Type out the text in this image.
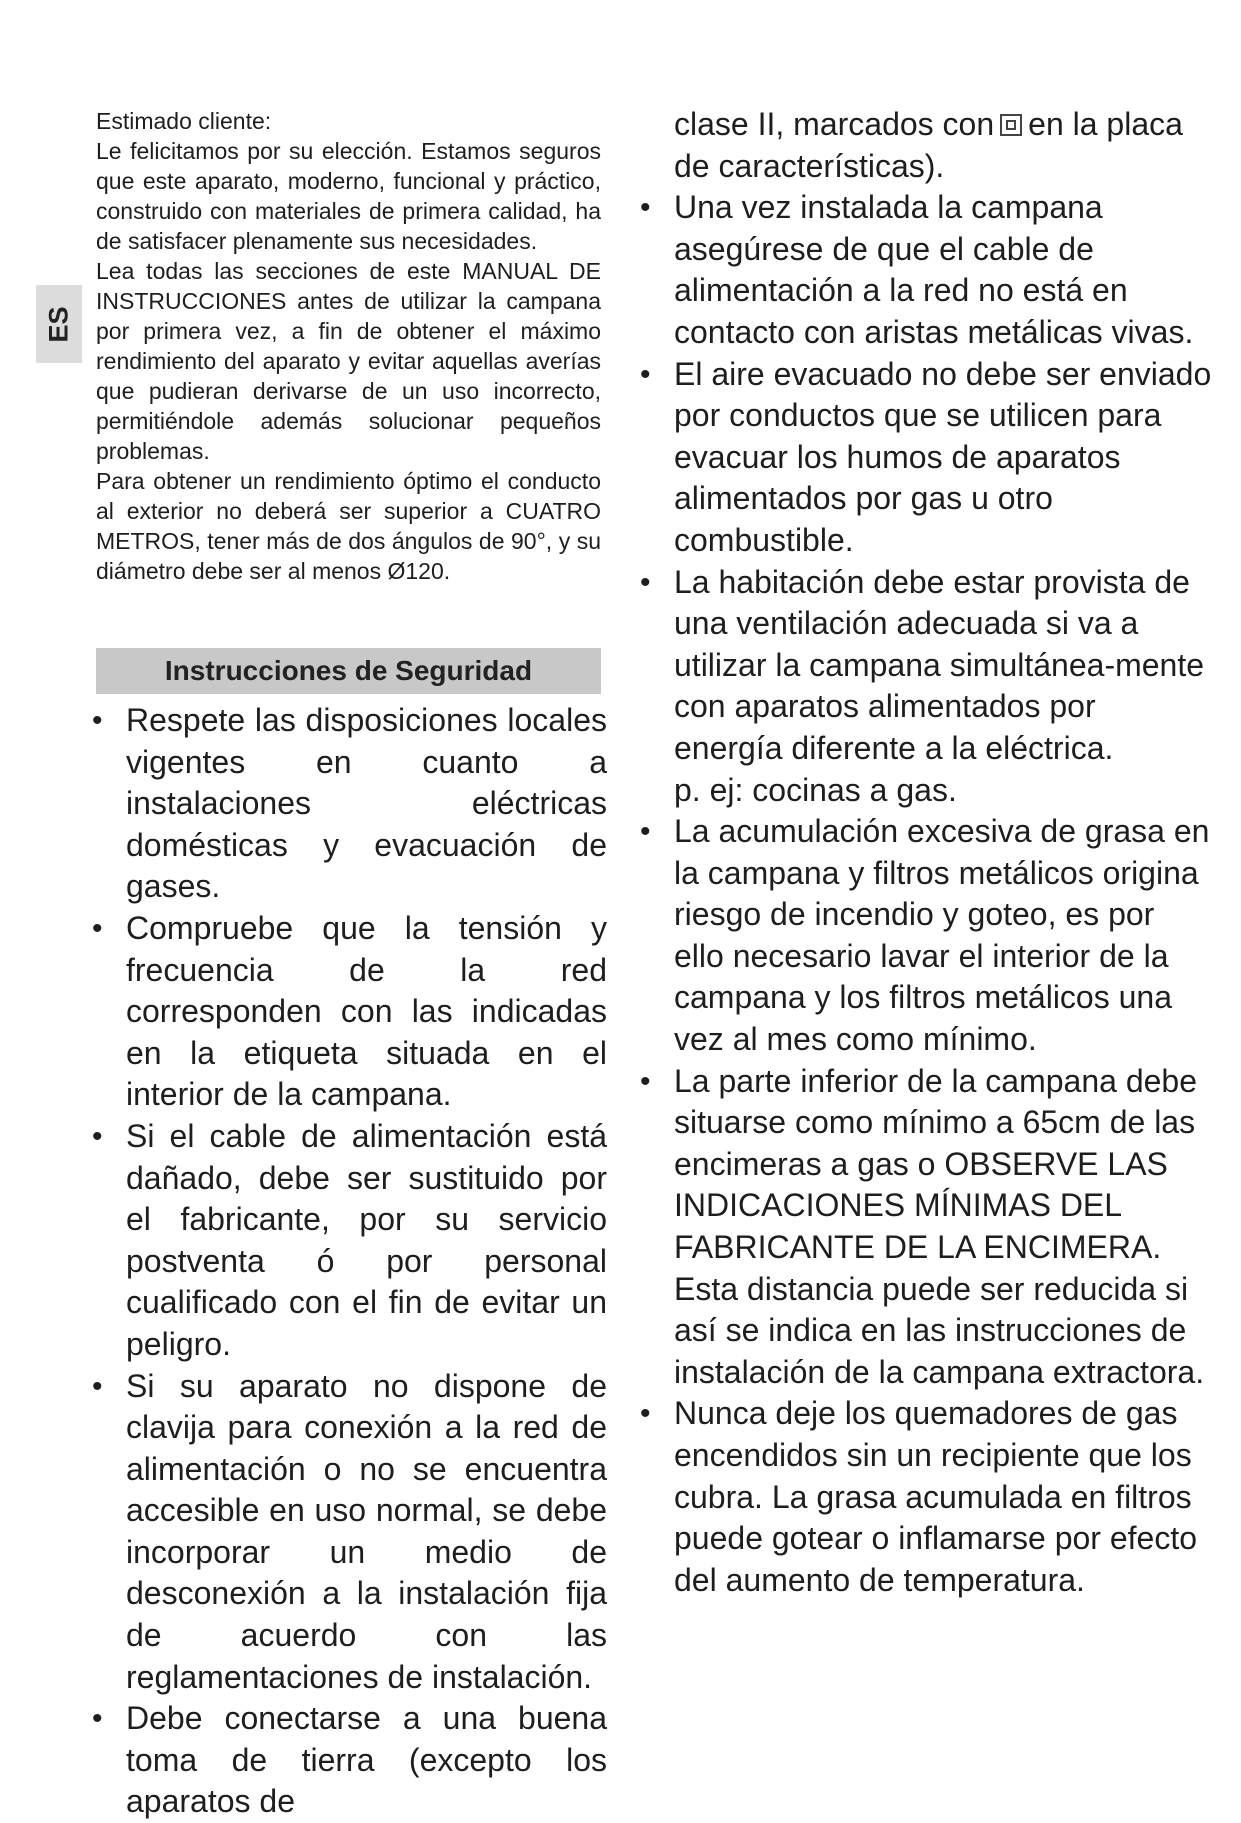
ES

Estimado cliente:

Le felicitamos por su elección. Estamos seguros que este aparato, moderno, funcional y práctico, construido con materiales de primera calidad, ha de satisfacer plenamente sus necesidades.

Lea todas las secciones de este MANUAL DE INSTRUCCIONES antes de utilizar la campana por primera vez, a fin de obtener el máximo rendimiento del aparato y evitar aquellas averías que pudieran derivarse de un uso incorrecto, permitiéndole además solucionar pequeños problemas.

Para obtener un rendimiento óptimo el conducto al exterior no deberá ser superior a CUATRO METROS, tener más de dos ángulos de 90°, y su diámetro debe ser al menos Ø120.

Instrucciones de Seguridad
• Respete las disposiciones locales vigentes en cuanto a instalaciones eléctricas domésticas y evacuación de gases.
• Compruebe que la tensión y frecuencia de la red corresponden con las indicadas en la etiqueta situada en el interior de la campana.
• Si el cable de alimentación está dañado, debe ser sustituido por el fabricante, por su servicio postventa ó por personal cualificado con el fin de evitar un peligro.
• Si su aparato no dispone de clavija para conexión a la red de alimentación o no se encuentra accesible en uso normal, se debe incorporar un medio de desconexión a la instalación fija de acuerdo con las reglamentaciones de instalación.
• Debe conectarse a una buena toma de tierra (excepto los aparatos de

clase II, marcados con en la placa de características).

• Una vez instalada la campana asegúrese de que el cable de alimentación a la red no está en contacto con aristas metálicas vivas.
• El aire evacuado no debe ser enviado por conductos que se utilicen para evacuar los humos de aparatos alimentados por gas u otro combustible.
• La habitación debe estar provista de una ventilación adecuada si va a utilizar la campana simultánea-mente con aparatos alimentados por energía diferente a la eléctrica.

p. ej: cocinas a gas.

• La acumulación excesiva de grasa en la campana y filtros metálicos origina riesgo de incendio y goteo, es por ello necesario lavar el interior de la campana y los filtros metálicos una vez al mes como mínimo.
• La parte inferior de la campana debe situarse como mínimo a 65cm de las encimeras a gas o OBSERVE LAS INDICACIONES MÍNIMAS DEL FABRICANTE DE LA ENCIMERA. Esta distancia puede ser reducida si así se indica en las instrucciones de instalación de la campana extractora.
• Nunca deje los quemadores de gas encendidos sin un recipiente que los cubra. La grasa acumulada en filtros puede gotear o inflamarse por efecto del aumento de temperatura.
